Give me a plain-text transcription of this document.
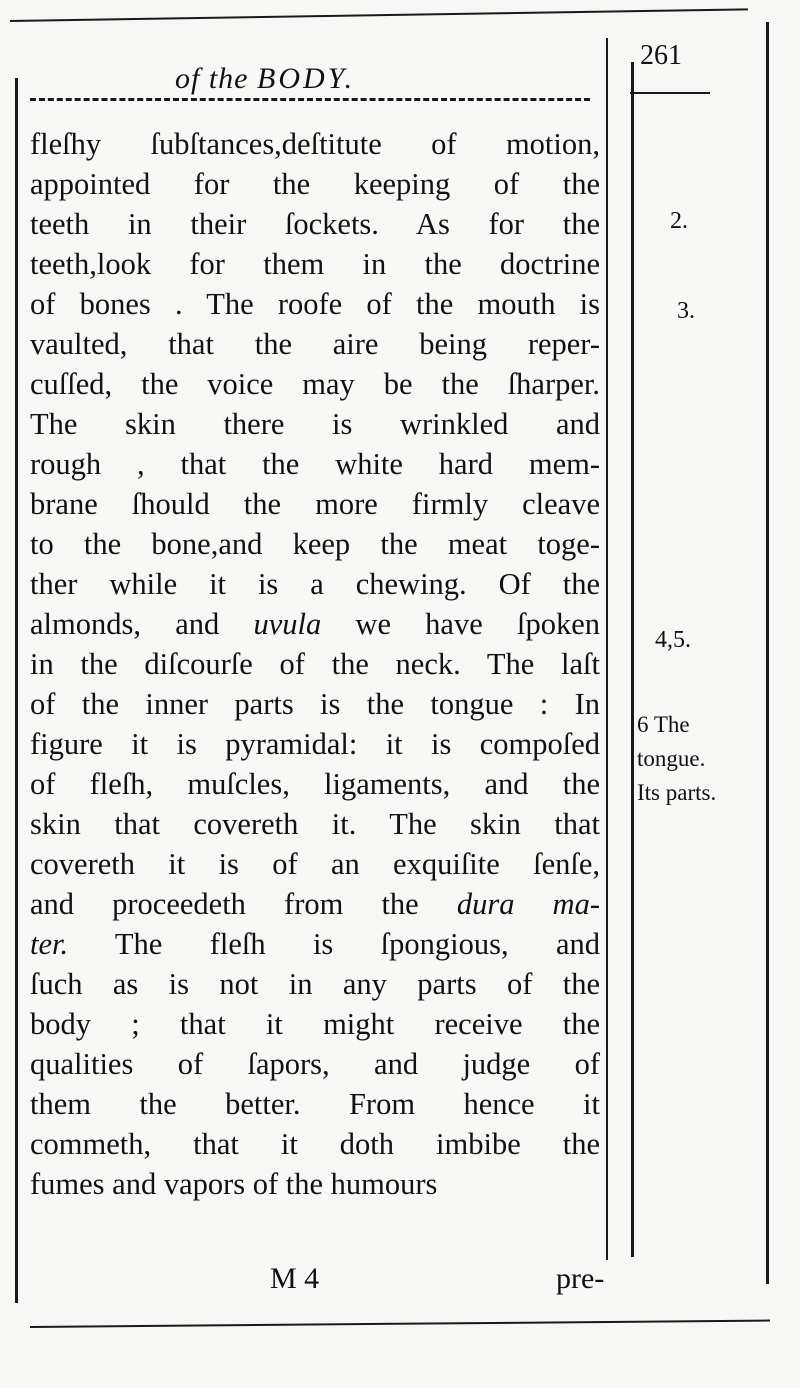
of the BODY.
261
fleſhy ſubſtances,deſtitute of motion,
appointed for the keeping of the
teeth in their ſockets. As for the
teeth,look for them in the doctrine
of bones . The roofe of the mouth is
vaulted, that the aire being reper-
cuſſed, the voice may be the ſharper.
The skin there is wrinkled and
rough , that the white hard mem-
brane ſhould the more firmly cleave
to the bone,and keep the meat toge-
ther while it is a chewing. Of the
almonds, and uvula we have ſpoken
in the diſcourſe of the neck. The laſt
of the inner parts is the tongue : In
figure it is pyramidal: it is compoſed
of fleſh, muſcles, ligaments, and the
skin that covereth it. The skin that
covereth it is of an exquiſite ſenſe,
and proceedeth from the dura ma-
ter. The fleſh is ſpongious, and
ſuch as is not in any parts of the
body ; that it might receive the
qualities of ſapors, and judge of
them the better. From hence it
commeth, that it doth imbibe the
fumes and vapors of the humours
2.
3.
4,5.
6 The
tongue.
Its parts.
M 4	pre-
